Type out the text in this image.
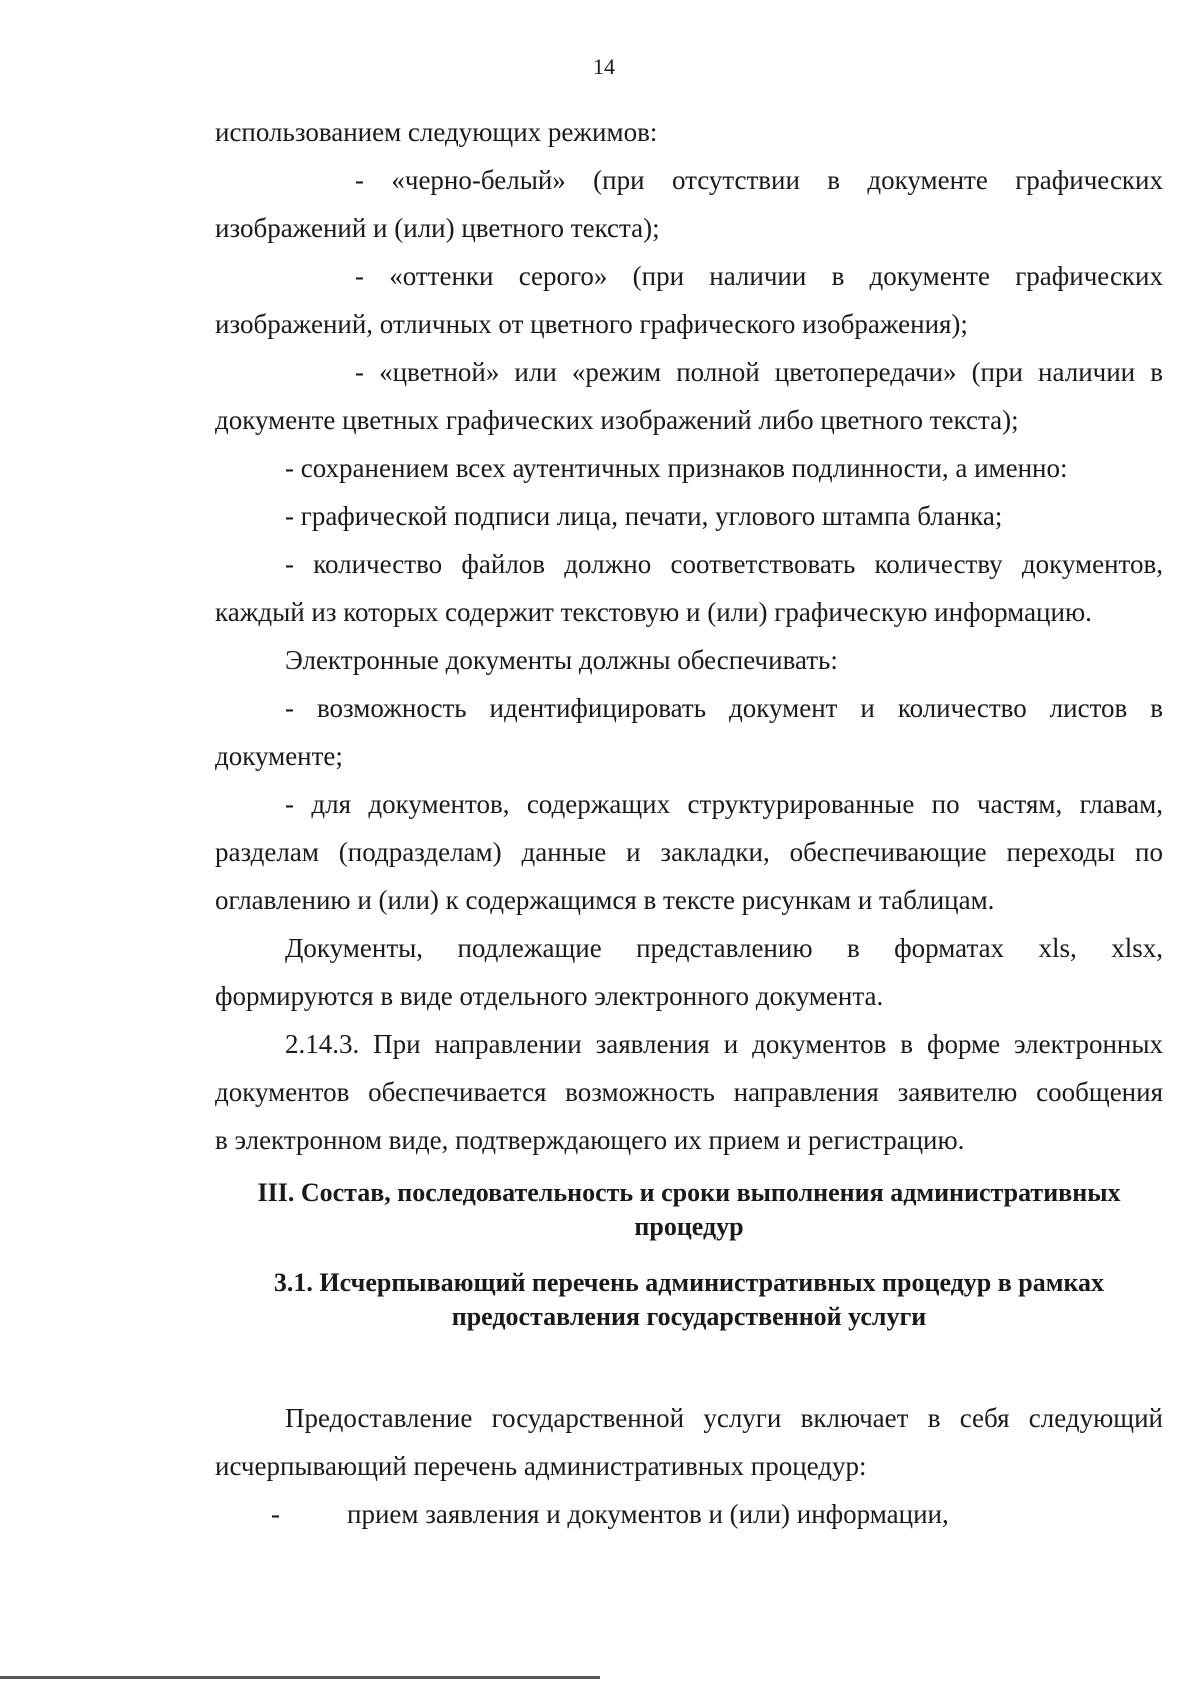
14
использованием следующих режимов:
- «черно-белый» (при отсутствии в документе графических
изображений и (или) цветного текста);
- «оттенки серого» (при наличии в документе графических
изображений, отличных от цветного графического изображения);
- «цветной» или «режим полной цветопередачи» (при наличии в
документе цветных графических изображений либо цветного текста);
- сохранением всех аутентичных признаков подлинности, а именно:
- графической подписи лица, печати, углового штампа бланка;
- количество файлов должно соответствовать количеству документов,
каждый из которых содержит текстовую и (или) графическую информацию.
Электронные документы должны обеспечивать:
- возможность идентифицировать документ и количество листов в
документе;
- для документов, содержащих структурированные по частям, главам,
разделам (подразделам) данные и закладки, обеспечивающие переходы по
оглавлению и (или) к содержащимся в тексте рисункам и таблицам.
Документы, подлежащие представлению в форматах xls, xlsx,
формируются в виде отдельного электронного документа.
2.14.3. При направлении заявления и документов в форме электронных
документов обеспечивается возможность направления заявителю сообщения
в электронном виде, подтверждающего их прием и регистрацию.
III. Состав, последовательность и сроки выполнения административных
процедур
3.1. Исчерпывающий перечень административных процедур в рамках
предоставления государственной услуги
Предоставление государственной услуги включает в себя следующий
исчерпывающий перечень административных процедур:
-	прием заявления и документов и (или) информации,
